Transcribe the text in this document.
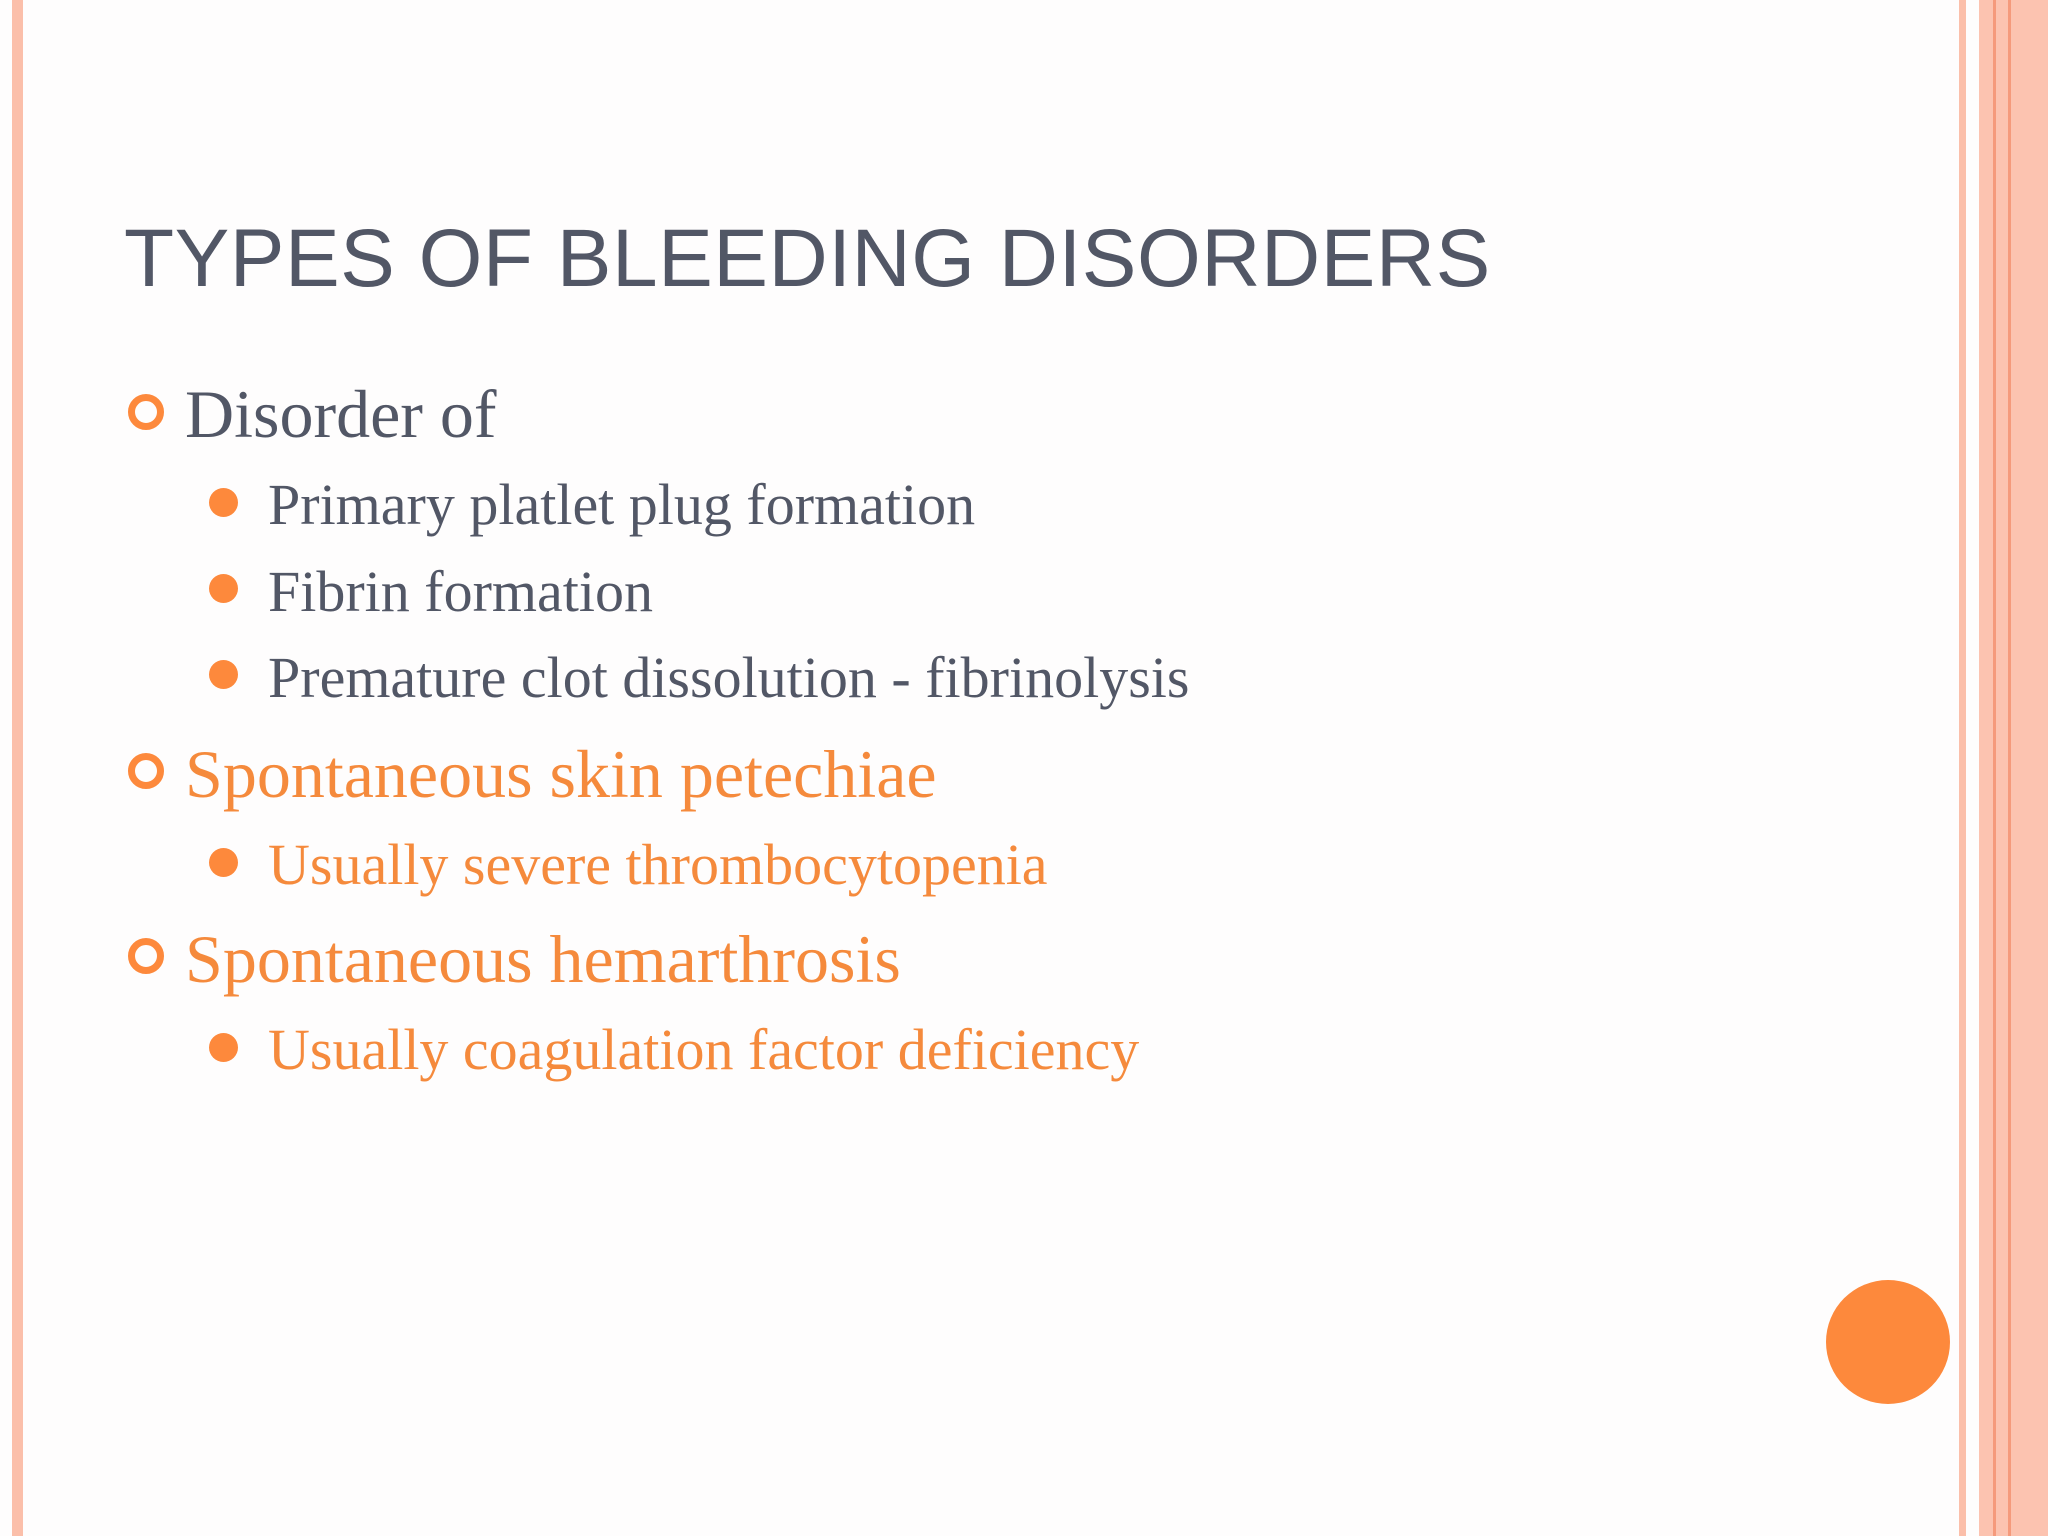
TYPES OF BLEEDING DISORDERS
Disorder of
Primary platlet plug formation
Fibrin formation
Premature clot dissolution - fibrinolysis
Spontaneous skin petechiae
Usually severe thrombocytopenia
Spontaneous hemarthrosis
Usually coagulation factor deficiency
